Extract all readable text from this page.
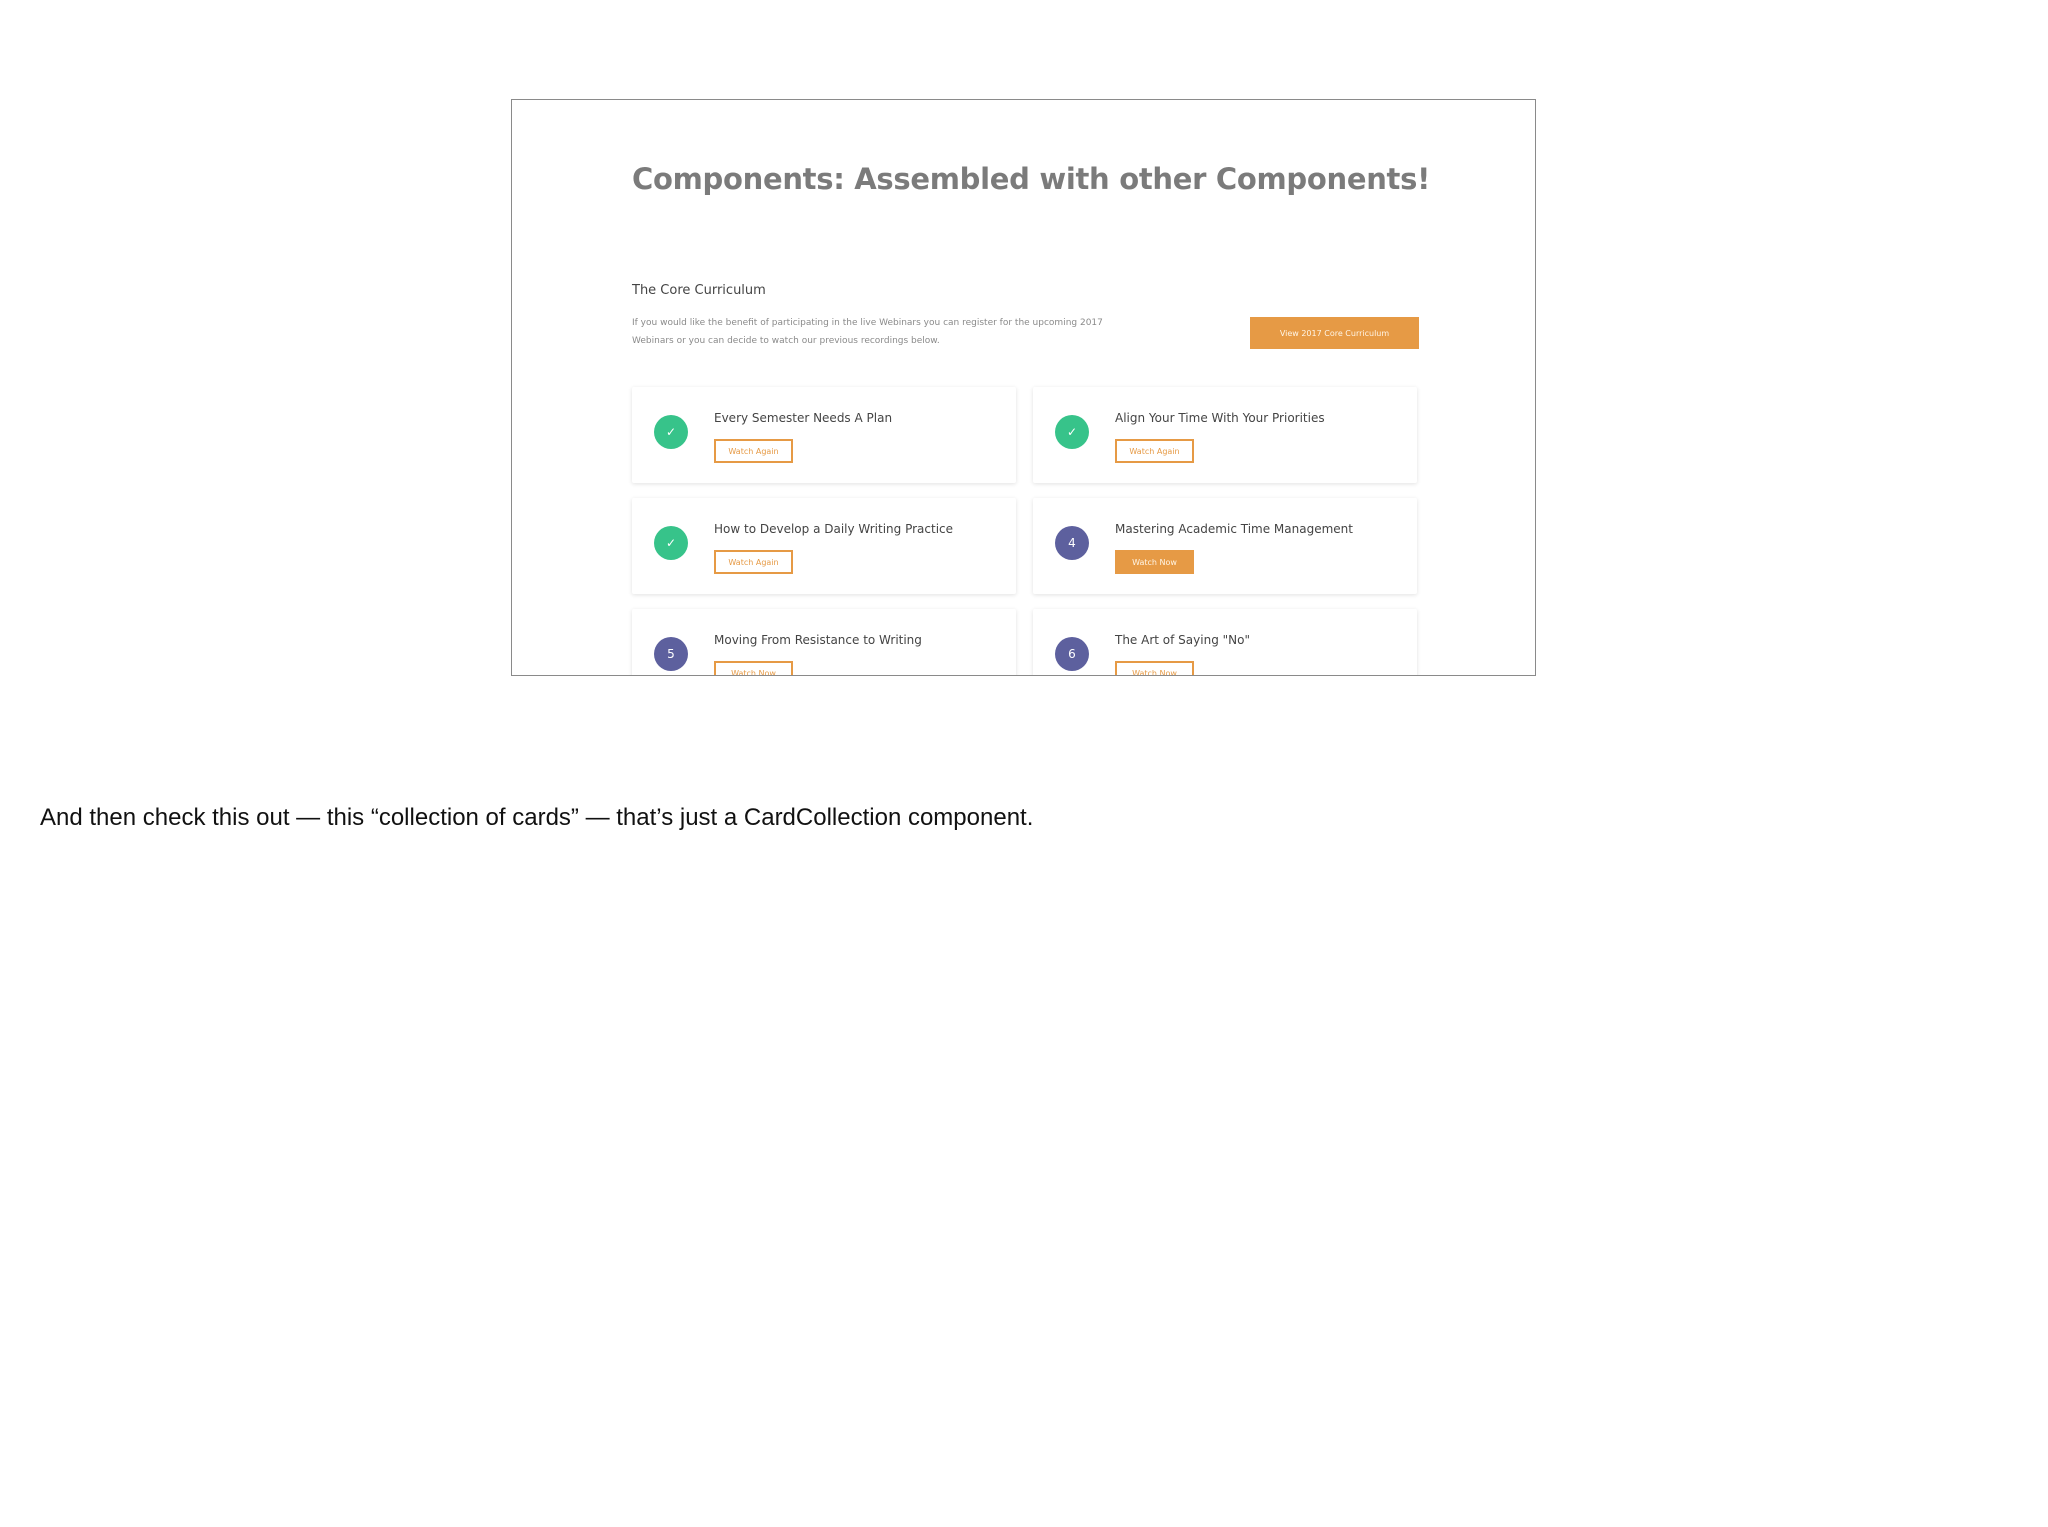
Components: Assembled with other Components!
The Core Curriculum
If you would like the benefit of participating in the live Webinars you can register for the upcoming 2017 Webinars or you can decide to watch our previous recordings below.
View 2017 Core Curriculum
✓
Every Semester Needs A Plan
Watch Again
✓
Align Your Time With Your Priorities
Watch Again
✓
How to Develop a Daily Writing Practice
Watch Again
4
Mastering Academic Time Management
Watch Now
5
Moving From Resistance to Writing
Watch Now
6
The Art of Saying "No"
Watch Now
And then check this out — this “collection of cards” — that’s just a CardCollection component.
